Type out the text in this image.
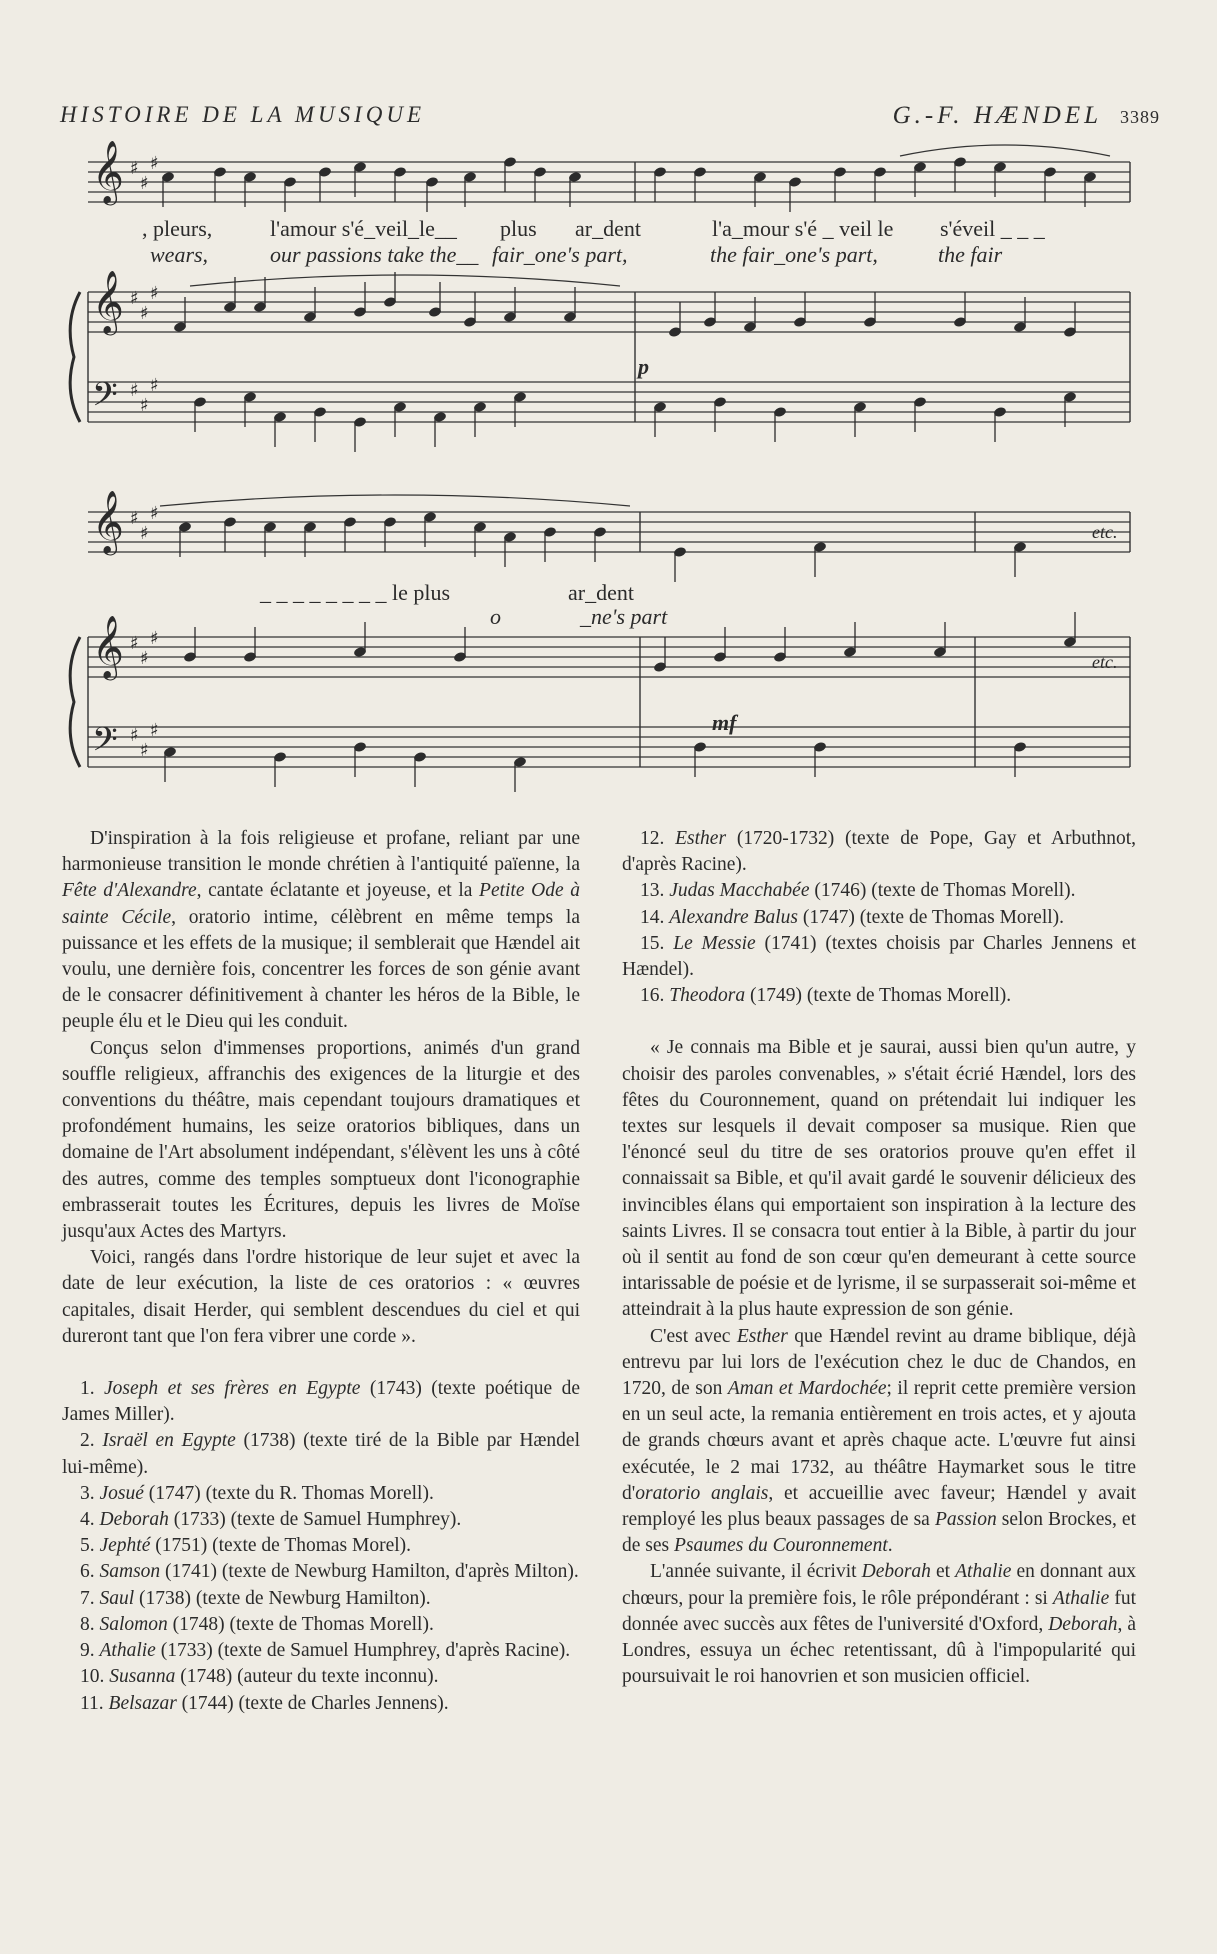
HISTOIRE DE LA MUSIQUE	G.-F. HÆNDEL 3389
𝄞 ♯
♯
♯
𝄞 ♯
♯
♯
𝄢 ♯
♯
♯
𝄞 ♯
♯
♯
𝄞 ♯
♯
♯
𝄢 ♯
♯
♯
, pleurs,	l'amour s'é_veil_le__ plus ar_dent	l'a_mour s'é _ veil le s'éveil _ _ _
wears,	our passions take the__ fair_one's part,	the fair_one's part,	the fair
p
_ _ _ _ _ _ _ _ le plus	ar_dent
o	_ne's part
mf
etc.
etc.

D'inspiration à la fois religieuse et profane, reliant par une harmonieuse transition le monde chrétien à l'antiquité païenne, la Fête d'Alexandre, cantate éclatante et joyeuse, et la Petite Ode à sainte Cécile, oratorio intime, célèbrent en même temps la puissance et les effets de la musique; il semblerait que Hændel ait voulu, une dernière fois, concentrer les forces de son génie avant de le consacrer définitivement à chanter les héros de la Bible, le peuple élu et le Dieu qui les conduit.

Conçus selon d'immenses proportions, animés d'un grand souffle religieux, affranchis des exigences de la liturgie et des conventions du théâtre, mais cependant toujours dramatiques et profondément humains, les seize oratorios bibliques, dans un domaine de l'Art absolument indépendant, s'élèvent les uns à côté des autres, comme des temples somptueux dont l'iconographie embrasserait toutes les Écritures, depuis les livres de Moïse jusqu'aux Actes des Martyrs.

Voici, rangés dans l'ordre historique de leur sujet et avec la date de leur exécution, la liste de ces oratorios : « œuvres capitales, disait Herder, qui semblent descendues du ciel et qui dureront tant que l'on fera vibrer une corde ».

1. Joseph et ses frères en Egypte (1743) (texte poétique de James Miller).

2. Israël en Egypte (1738) (texte tiré de la Bible par Hændel lui-même).

3. Josué (1747) (texte du R. Thomas Morell).

4. Deborah (1733) (texte de Samuel Humphrey).

5. Jephté (1751) (texte de Thomas Morel).

6. Samson (1741) (texte de Newburg Hamilton, d'après Milton).

7. Saul (1738) (texte de Newburg Hamilton).

8. Salomon (1748) (texte de Thomas Morell).

9. Athalie (1733) (texte de Samuel Humphrey, d'après Racine).

10. Susanna (1748) (auteur du texte inconnu).

11. Belsazar (1744) (texte de Charles Jennens).

12. Esther (1720-1732) (texte de Pope, Gay et Arbuthnot, d'après Racine).

13. Judas Macchabée (1746) (texte de Thomas Morell).

14. Alexandre Balus (1747) (texte de Thomas Morell).

15. Le Messie (1741) (textes choisis par Charles Jennens et Hændel).

16. Theodora (1749) (texte de Thomas Morell).

« Je connais ma Bible et je saurai, aussi bien qu'un autre, y choisir des paroles convenables, » s'était écrié Hændel, lors des fêtes du Couronnement, quand on prétendait lui indiquer les textes sur lesquels il devait composer sa musique. Rien que l'énoncé seul du titre de ses oratorios prouve qu'en effet il connaissait sa Bible, et qu'il avait gardé le souvenir délicieux des invincibles élans qui emportaient son inspiration à la lecture des saints Livres. Il se consacra tout entier à la Bible, à partir du jour où il sentit au fond de son cœur qu'en demeurant à cette source intarissable de poésie et de lyrisme, il se surpasserait soi-même et atteindrait à la plus haute expression de son génie.

C'est avec Esther que Hændel revint au drame biblique, déjà entrevu par lui lors de l'exécution chez le duc de Chandos, en 1720, de son Aman et Mardochée; il reprit cette première version en un seul acte, la remania entièrement en trois actes, et y ajouta de grands chœurs avant et après chaque acte. L'œuvre fut ainsi exécutée, le 2 mai 1732, au théâtre Haymarket sous le titre d'oratorio anglais, et accueillie avec faveur; Hændel y avait remployé les plus beaux passages de sa Passion selon Brockes, et de ses Psaumes du Couronnement.

L'année suivante, il écrivit Deborah et Athalie en donnant aux chœurs, pour la première fois, le rôle prépondérant : si Athalie fut donnée avec succès aux fêtes de l'université d'Oxford, Deborah, à Londres, essuya un échec retentissant, dû à l'impopularité qui poursuivait le roi hanovrien et son musicien officiel.
